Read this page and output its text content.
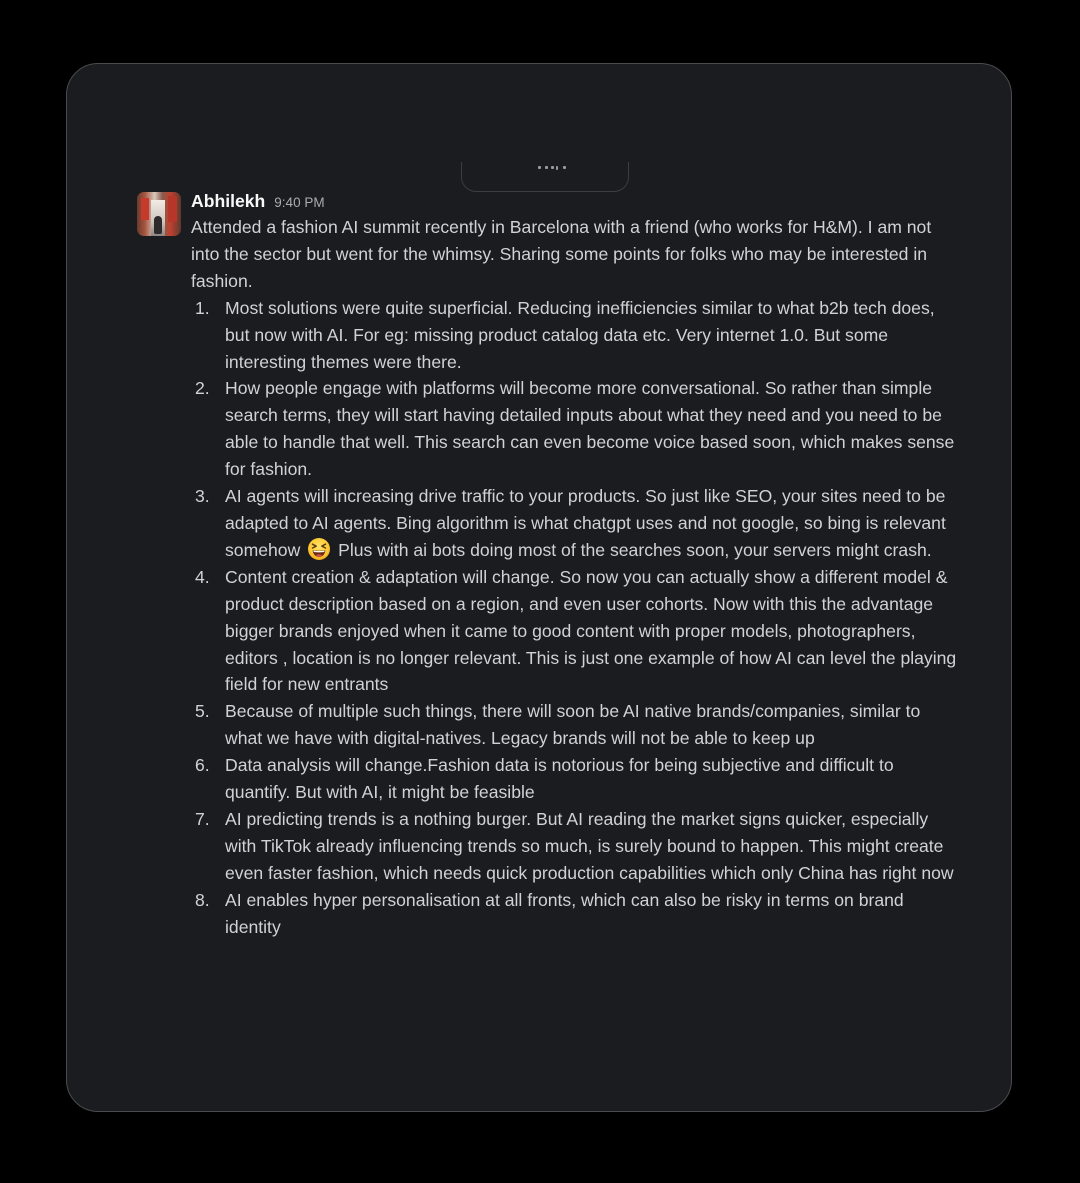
Abhilekh 9:40 PM

Attended a fashion AI summit recently in Barcelona with a friend (who works for H&M). I am not into the sector but went for the whimsy. Sharing some points for folks who may be interested in fashion.

1. Most solutions were quite superficial. Reducing inefficiencies similar to what b2b tech does, but now with AI. For eg: missing product catalog data etc. Very internet 1.0. But some interesting themes were there.
2. How people engage with platforms will become more conversational. So rather than simple search terms, they will start having detailed inputs about what they need and you need to be able to handle that well. This search can even become voice based soon, which makes sense for fashion.
3. AI agents will increasing drive traffic to your products. So just like SEO, your sites need to be adapted to AI agents. Bing algorithm is what chatgpt uses and not google, so bing is relevant somehow
Plus with ai bots doing most of the searches soon, your servers might crash.
4. Content creation & adaptation will change. So now you can actually show a different model & product description based on a region, and even user cohorts. Now with this the advantage bigger brands enjoyed when it came to good content with proper models, photographers, editors , location is no longer relevant. This is just one example of how AI can level the playing field for new entrants
5. Because of multiple such things, there will soon be AI native brands/companies, similar to what we have with digital-natives. Legacy brands will not be able to keep up
6. Data analysis will change.Fashion data is notorious for being subjective and difficult to quantify. But with AI, it might be feasible
7. AI predicting trends is a nothing burger. But AI reading the market signs quicker, especially with TikTok already influencing trends so much, is surely bound to happen. This might create even faster fashion, which needs quick production capabilities which only China has right now
8. AI enables hyper personalisation at all fronts, which can also be risky in terms on brand identity
